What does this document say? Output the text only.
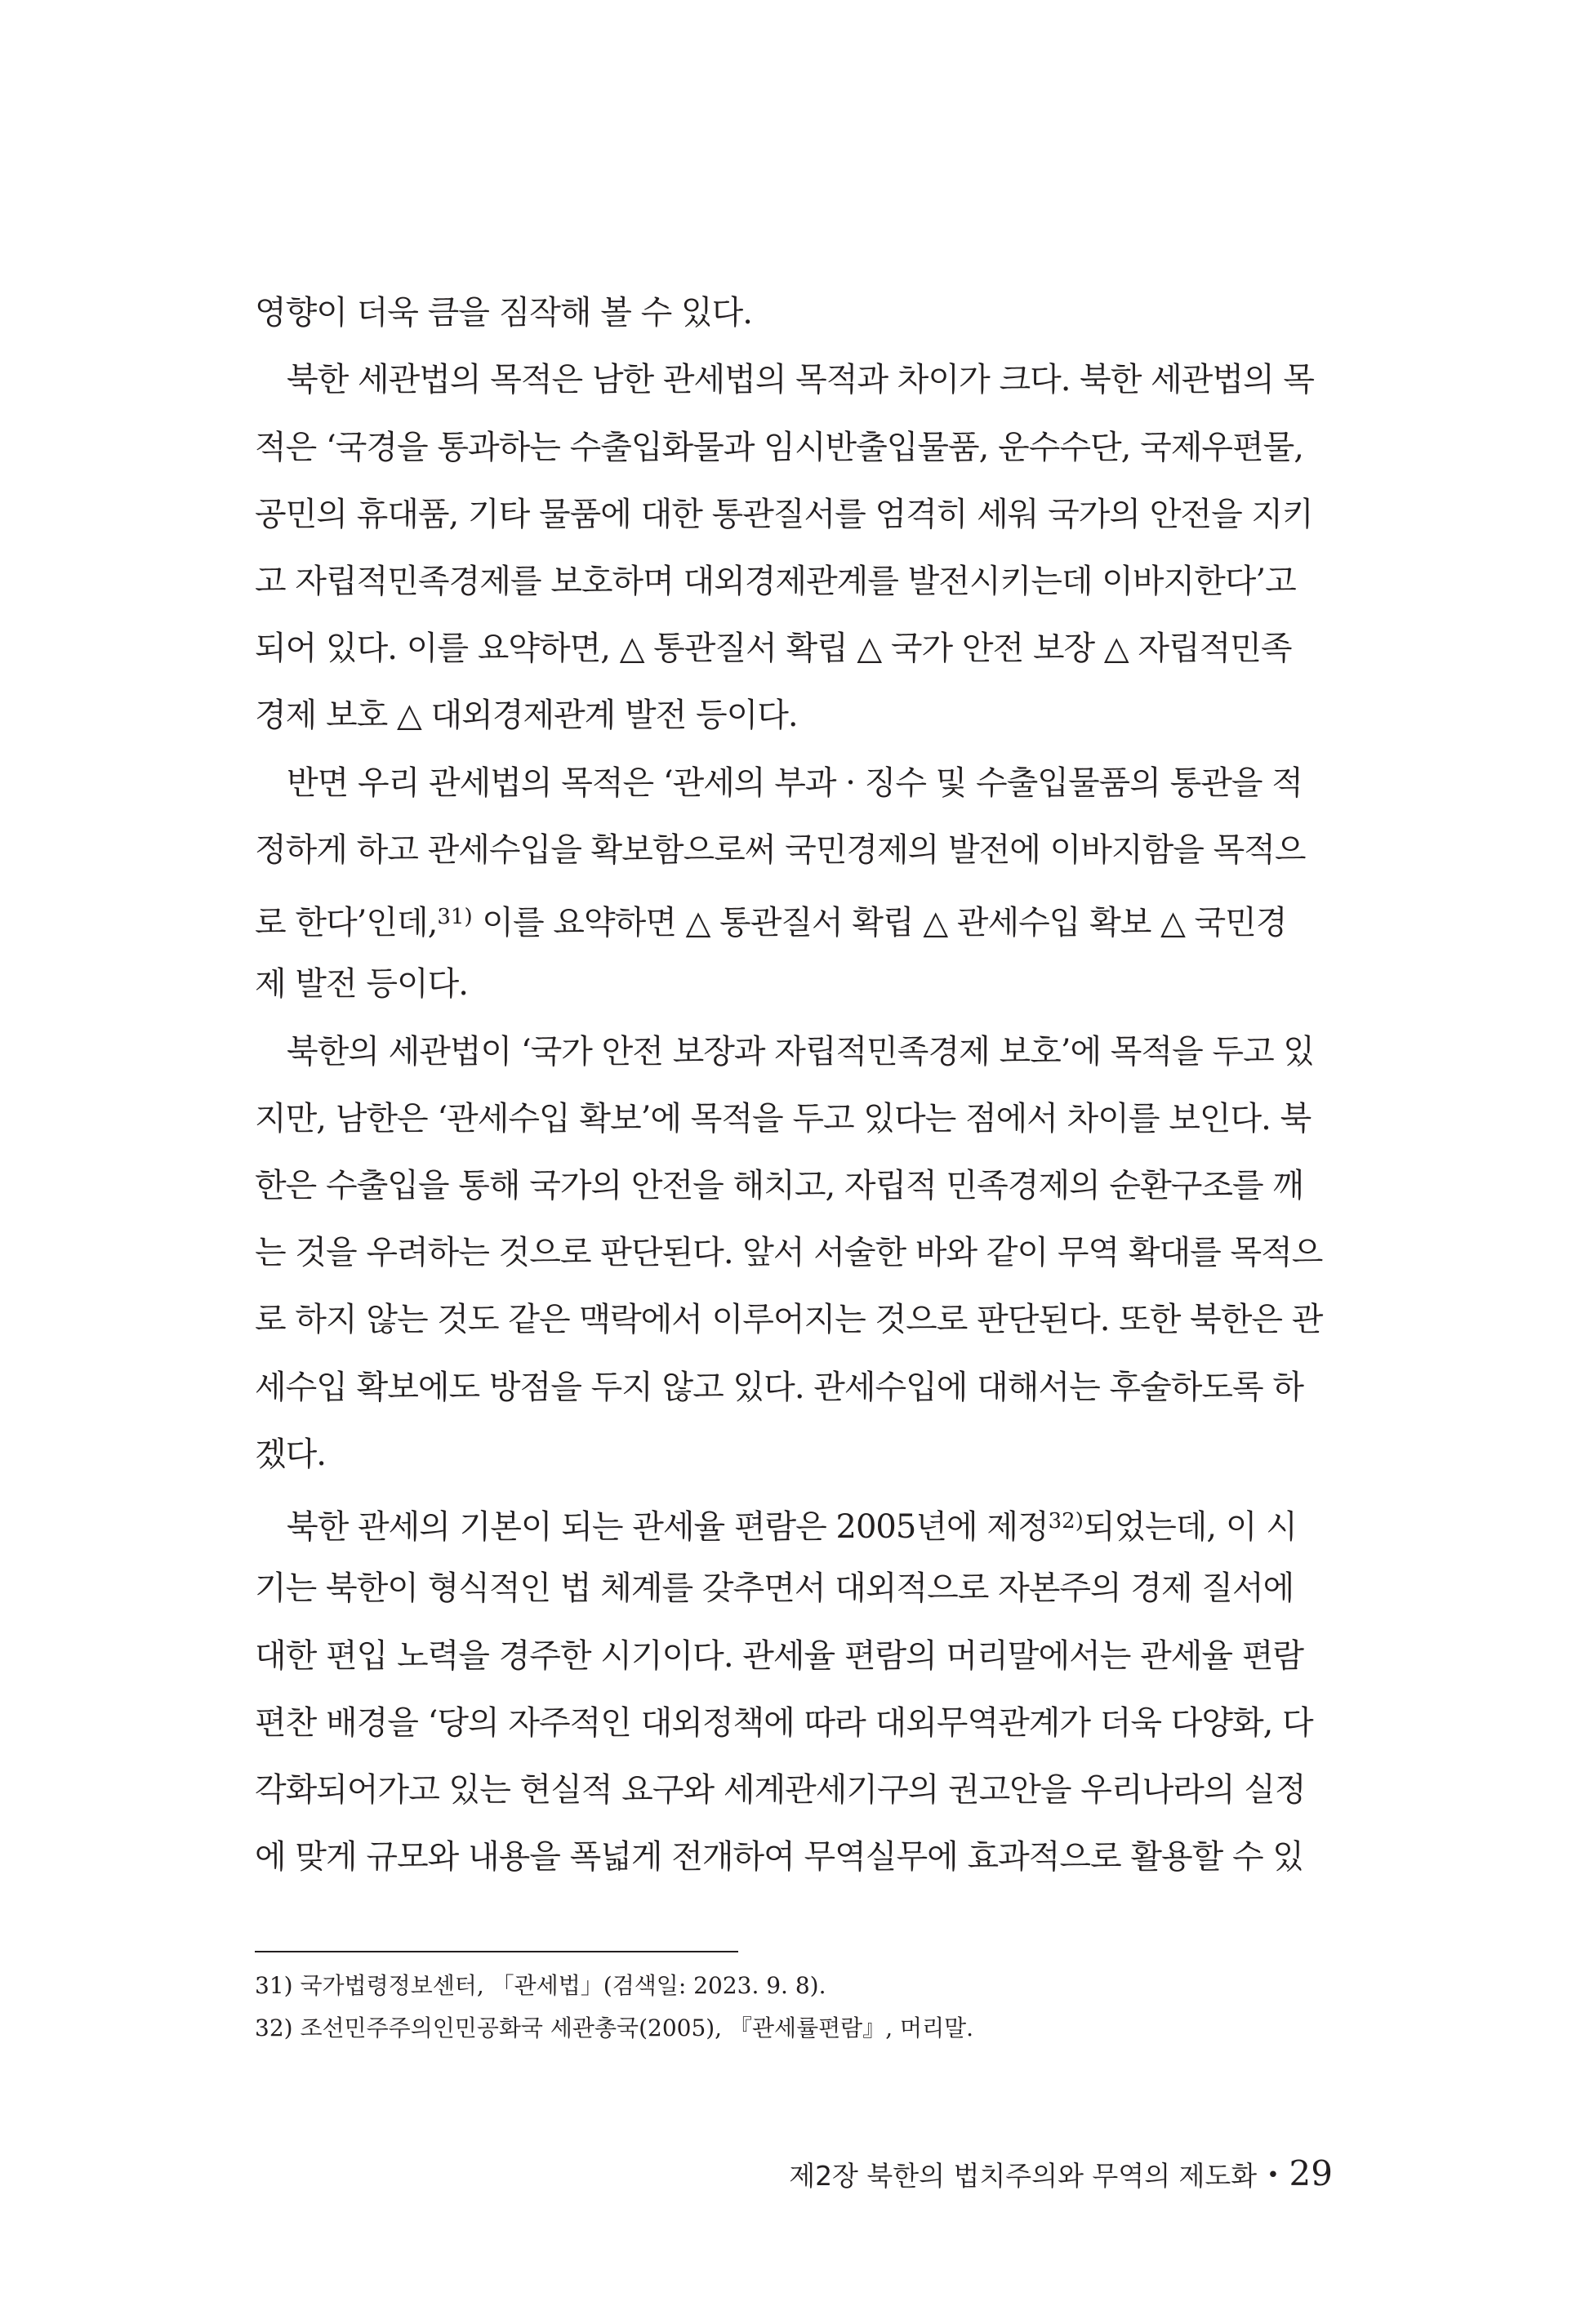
영향이 더욱 큼을 짐작해 볼 수 있다.
　북한 세관법의 목적은 남한 관세법의 목적과 차이가 크다. 북한 세관법의 목
적은 ‘국경을 통과하는 수출입화물과 임시반출입물품, 운수수단, 국제우편물,
공민의 휴대품, 기타 물품에 대한 통관질서를 엄격히 세워 국가의 안전을 지키
고 자립적민족경제를 보호하며 대외경제관계를 발전시키는데 이바지한다’고
되어 있다. 이를 요약하면, △ 통관질서 확립 △ 국가 안전 보장 △ 자립적민족
경제 보호 △ 대외경제관계 발전 등이다.
　반면 우리 관세법의 목적은 ‘관세의 부과 · 징수 및 수출입물품의 통관을 적
정하게 하고 관세수입을 확보함으로써 국민경제의 발전에 이바지함을 목적으
로 한다’인데,$^{31)}$ 이를 요약하면 △ 통관질서 확립 △ 관세수입 확보 △ 국민경
제 발전 등이다.
　북한의 세관법이 ‘국가 안전 보장과 자립적민족경제 보호’에 목적을 두고 있
지만, 남한은 ‘관세수입 확보’에 목적을 두고 있다는 점에서 차이를 보인다. 북
한은 수출입을 통해 국가의 안전을 해치고, 자립적 민족경제의 순환구조를 깨
는 것을 우려하는 것으로 판단된다. 앞서 서술한 바와 같이 무역 확대를 목적으
로 하지 않는 것도 같은 맥락에서 이루어지는 것으로 판단된다. 또한 북한은 관
세수입 확보에도 방점을 두지 않고 있다. 관세수입에 대해서는 후술하도록 하
겠다.
　북한 관세의 기본이 되는 관세율 편람은 2005년에 제정$^{32)}$되었는데, 이 시
기는 북한이 형식적인 법 체계를 갖추면서 대외적으로 자본주의 경제 질서에
대한 편입 노력을 경주한 시기이다. 관세율 편람의 머리말에서는 관세율 편람
편찬 배경을 ‘당의 자주적인 대외정책에 따라 대외무역관계가 더욱 다양화, 다
각화되어가고 있는 현실적 요구와 세계관세기구의 권고안을 우리나라의 실정
에 맞게 규모와 내용을 폭넓게 전개하여 무역실무에 효과적으로 활용할 수 있
31) 국가법령정보센터, 「관세법」(검색일: 2023. 9. 8).
32) 조선민주주의인민공화국 세관총국(2005), 『관세률편람』, 머리말.
제2장 북한의 법치주의와 무역의 제도화 • 29
